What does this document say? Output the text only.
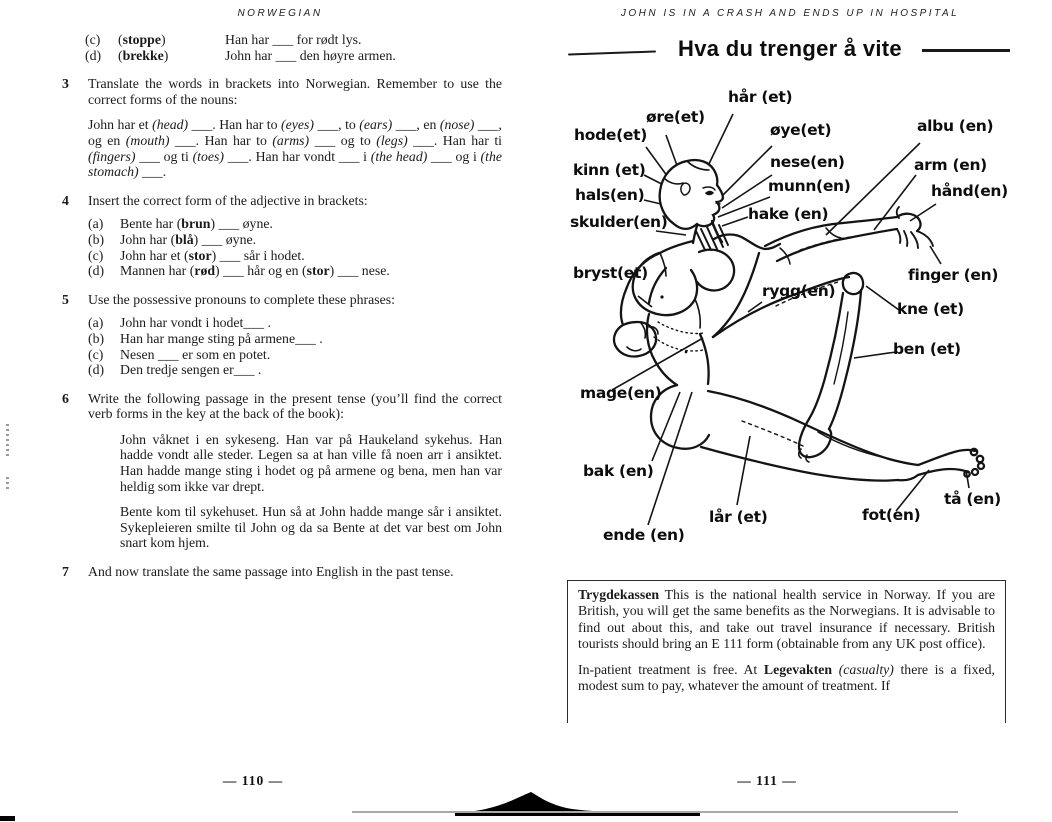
NORWEGIAN	JOHN IS IN A CRASH AND ENDS UP IN HOSPITAL
(c)	(stoppe)	Han har ___ for rødt lys.
(d)	(brekke)	John har ___ den høyre armen.
3 Translate the words in brackets into Norwegian. Remember to use the correct forms of the nouns:
John har et (head) ___. Han har to (eyes) ___, to (ears) ___, en (nose) ___, og en (mouth) ___. Han har to (arms) ___ og to (legs) ___. Han har ti (fingers) ___ og ti (toes) ___. Han har vondt ___ i (the head) ___ og i (the stomach) ___.
4 Insert the correct form of the adjective in brackets:
(a)	Bente har (brun) ___ øyne.
(b)	John har (blå) ___ øyne.
(c)	John har et (stor) ___ sår i hodet.
(d)	Mannen har (rød) ___ hår og en (stor) ___ nese.
5 Use the possessive pronouns to complete these phrases:
(a)	John har vondt i hodet___ .
(b)	Han har mange sting på armene___ .
(c)	Nesen ___ er som en potet.
(d)	Den tredje sengen er___ .
6 Write the following passage in the present tense (you’ll find the correct verb forms in the key at the back of the book):
John våknet i en sykeseng. Han var på Haukeland sykehus. Han hadde vondt alle steder. Legen sa at han ville få noen arr i ansiktet. Han hadde mange sting i hodet og på armene og bena, men han var heldig som ikke var drept.
Bente kom til sykehuset. Hun så at John hadde mange sår i ansiktet. Sykepleieren smilte til John og da sa Bente at det var best om John snart kom hjem.
7 And now translate the same passage into English in the past tense.
— 110 —	— 111 —
Hva du trenger å vite
hode(et)
øre(et)
hår (et)
øye(et)
nese(en)
munn(en)
kinn (et)
hals(en)
hake (en)
skulder(en)
albu (en)
arm (en)
hånd(en)
bryst(et)
rygg(en)
finger (en)
kne (et)
ben (et)
mage(en)
bak (en)
ende (en)
lår (et)	fot(en)
tå (en)

Trygdekassen This is the national health service in Norway. If you are British, you will get the same benefits as the Norwegians. It is advisable to find out about this, and take out travel insurance if necessary. British tourists should bring an E 111 form (obtainable from any UK post office).

In-patient treatment is free. At Legevakten (casualty) there is a fixed, modest sum to pay, whatever the amount of treatment. If
